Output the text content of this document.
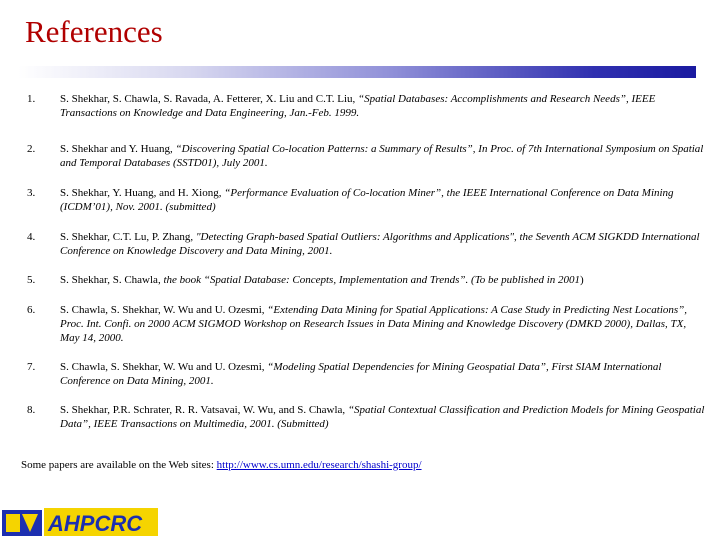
References
1. S. Shekhar, S. Chawla, S. Ravada, A. Fetterer, X. Liu and C.T. Liu, “Spatial Databases: Accomplishments and Research Needs”, IEEE Transactions on Knowledge and Data Engineering, Jan.-Feb. 1999.
2. S. Shekhar and Y. Huang, “Discovering Spatial Co-location Patterns: a Summary of Results”, In Proc. of 7th International Symposium on Spatial and Temporal Databases (SSTD01), July 2001.
3. S. Shekhar, Y. Huang, and H. Xiong, “Performance Evaluation of Co-location Miner”, the IEEE International Conference on Data Mining (ICDM’01), Nov. 2001. (submitted)
4. S. Shekhar, C.T. Lu, P. Zhang, "Detecting Graph-based Spatial Outliers: Algorithms and Applications", the Seventh ACM SIGKDD International Conference on Knowledge Discovery and Data Mining, 2001.
5. S. Shekhar, S. Chawla, the book “Spatial Database: Concepts, Implementation and Trends”. (To be published in 2001)
6. S. Chawla, S. Shekhar, W. Wu and U. Ozesmi, “Extending Data Mining for Spatial Applications: A Case Study in Predicting Nest Locations”, Proc. Int. Confi. on 2000 ACM SIGMOD Workshop on Research Issues in Data Mining and Knowledge Discovery (DMKD 2000), Dallas, TX, May 14, 2000.
7. S. Chawla, S. Shekhar, W. Wu and U. Ozesmi, “Modeling Spatial Dependencies for Mining Geospatial Data”, First SIAM International Conference on Data Mining, 2001.
8. S. Shekhar, P.R. Schrater, R. R. Vatsavai, W. Wu, and S. Chawla, “Spatial Contextual Classification and Prediction Models for Mining Geospatial Data”, IEEE Transactions on Multimedia, 2001. (Submitted)
Some papers are available on the Web sites: http://www.cs.umn.edu/research/shashi-group/
AHPCRC
